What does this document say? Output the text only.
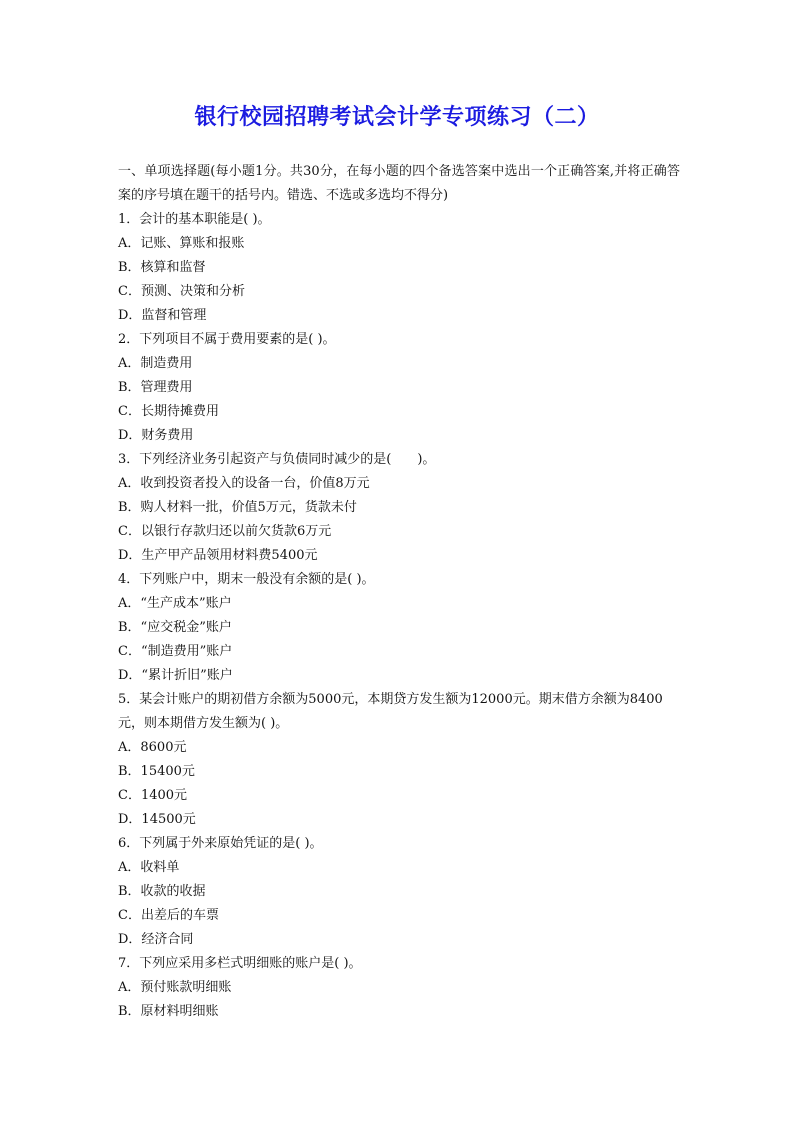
银行校园招聘考试会计学专项练习（二）
一、单项选择题(每小题1分。共30分，在每小题的四个备选答案中选出一个正确答案,并将正确答案的序号填在题干的括号内。错选、不选或多选均不得分)
1．会计的基本职能是( )。
A．记账、算账和报账
B．核算和监督
C．预测、决策和分析
D．监督和管理
2．下列项目不属于费用要素的是( )。
A．制造费用
B．管理费用
C．长期待摊费用
D．财务费用
3．下列经济业务引起资产与负债同时减少的是(　　)。
A．收到投资者投入的设备一台，价值8万元
B．购人材料一批，价值5万元，货款未付
C．以银行存款归还以前欠货款6万元
D．生产甲产品领用材料费5400元
4．下列账户中，期末一般没有余额的是( )。
A．“生产成本”账户
B．“应交税金”账户
C．“制造费用”账户
D．“累计折旧”账户
5．某会计账户的期初借方余额为5000元，本期贷方发生额为12000元。期末借方余额为8400元，则本期借方发生额为( )。
A．8600元
B．15400元
C．1400元
D．14500元
6．下列属于外来原始凭证的是( )。
A．收料单
B．收款的收据
C．出差后的车票
D．经济合同
7．下列应采用多栏式明细账的账户是( )。
A．预付账款明细账
B．原材料明细账
